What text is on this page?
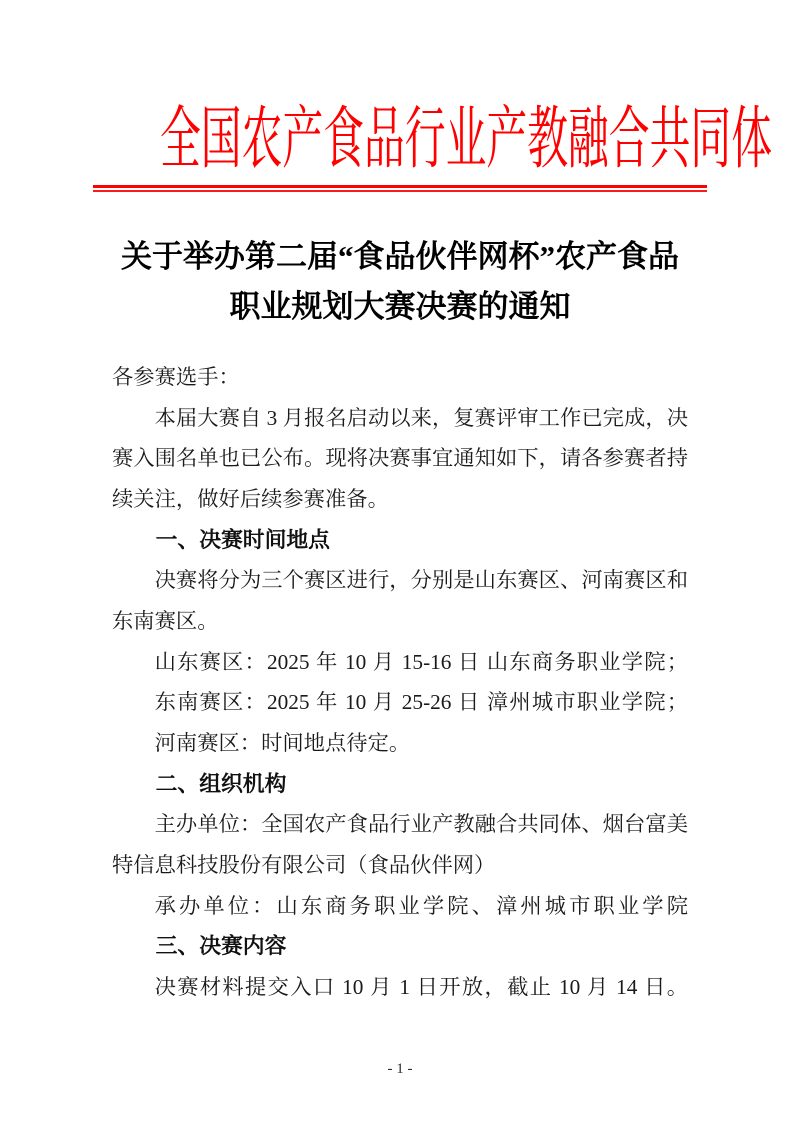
全国农产食品行业产教融合共同体
关于举办第二届“食品伙伴网杯”农产食品
职业规划大赛决赛的通知
各参赛选手：
本届大赛自 3 月报名启动以来，复赛评审工作已完成，决
赛入围名单也已公布。现将决赛事宜通知如下，请各参赛者持
续关注，做好后续参赛准备。
一、决赛时间地点
决赛将分为三个赛区进行，分别是山东赛区、河南赛区和
东南赛区。
山东赛区：2025 年 10 月 15-16 日 山东商务职业学院；
东南赛区：2025 年 10 月 25-26 日 漳州城市职业学院；
河南赛区：时间地点待定。
二、组织机构
主办单位：全国农产食品行业产教融合共同体、烟台富美
特信息科技股份有限公司（食品伙伴网）
承办单位：山东商务职业学院、漳州城市职业学院
三、决赛内容
决赛材料提交入口 10 月 1 日开放，截止 10 月 14 日。
- 1 -
